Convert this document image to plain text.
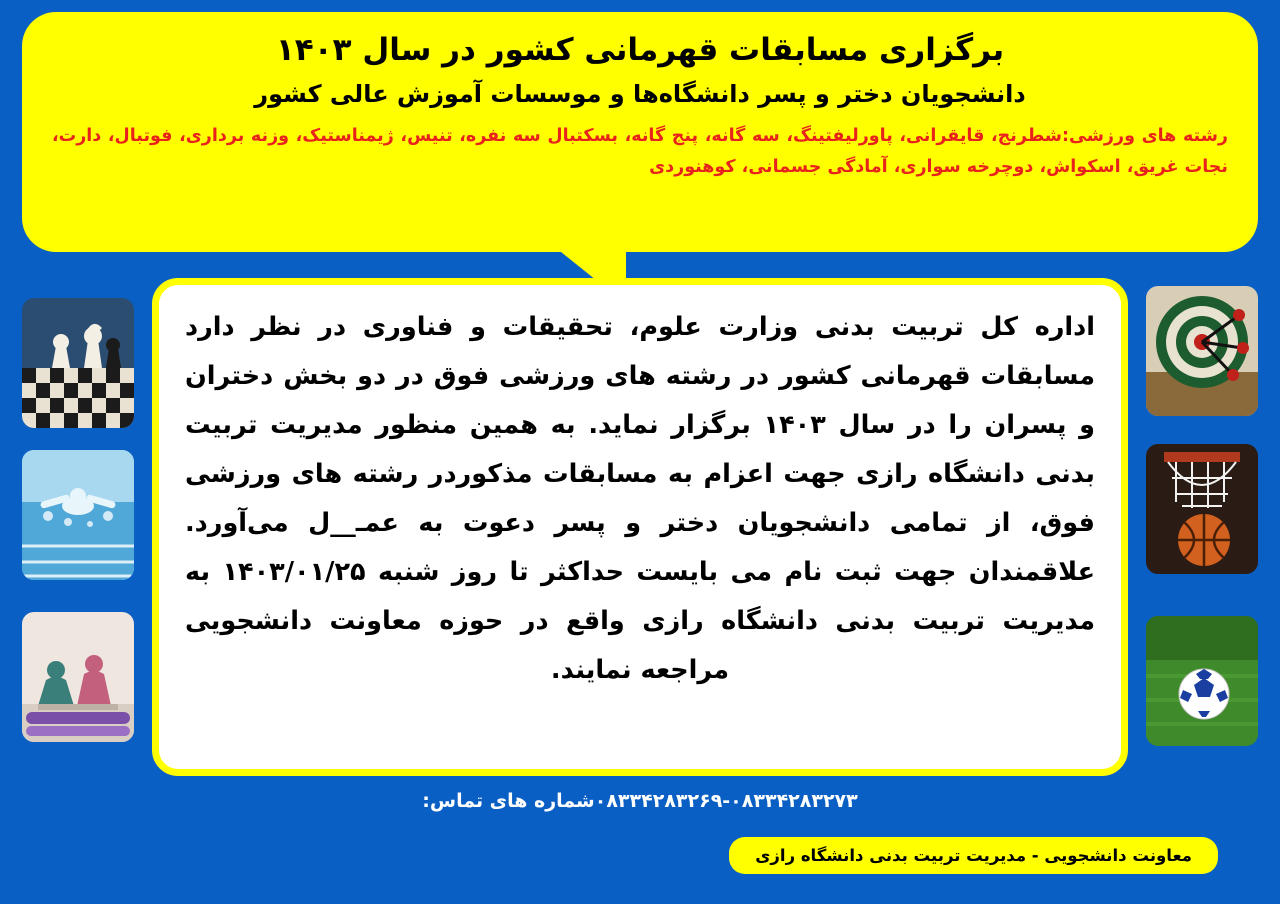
برگزاری مسابقات قهرمانی کشور در سال ۱۴۰۳
دانشجویان دختر و پسر دانشگاه‌ها و موسسات آموزش عالی کشور
رشته های ورزشی:شطرنج، قایقرانی، پاورلیفتینگ، سه گانه، پنج گانه، بسکتبال سه نفره، تنیس، ژیمناستیک، وزنه برداری، فوتبال، دارت، نجات غریق، اسکواش، دوچرخه سواری، آمادگی جسمانی، کوهنوردی
اداره کل تربیت بدنی وزارت علوم، تحقیقات و فناوری در نظر دارد مسابقات قهرمانی کشور در رشته های ورزشی فوق در دو بخش دختران و پسران را در سال ۱۴۰۳ برگزار نماید. به همین منظور مدیریت تربیت بدنی دانشگاه رازی جهت اعزام به مسابقات مذکوردر رشته های ورزشی فوق، از تمامی دانشجویان دختر و پسر دعوت به عمـ__ل می‌آورد. علاقمندان جهت ثبت نام می بایست حداکثر تا روز شنبه ۱۴۰۳/۰۱/۲۵ به مدیریت تربیت بدنی دانشگاه رازی واقع در حوزه معاونت دانشجویی مراجعه نمایند.
۰۸۳۳۴۲۸۳۲۶۹-۰۸۳۳۴۲۸۳۲۷۳شماره های تماس:
معاونت دانشجویی - مدیریت تربیت بدنی دانشگاه رازی
